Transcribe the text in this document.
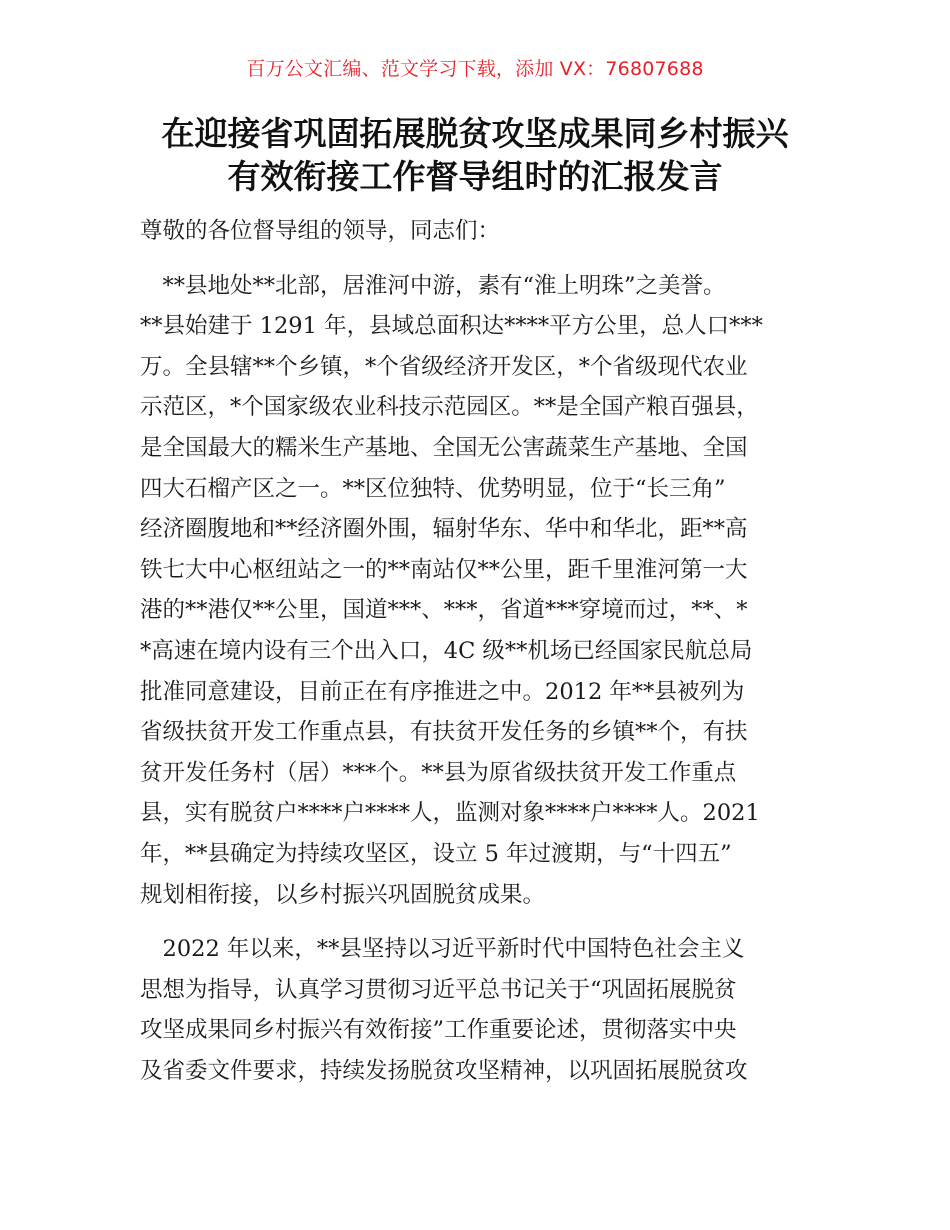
百万公文汇编、范文学习下载，添加 VX：76807688
在迎接省巩固拓展脱贫攻坚成果同乡村振兴
有效衔接工作督导组时的汇报发言
尊敬的各位督导组的领导，同志们：
　**县地处**北部，居淮河中游，素有“淮上明珠”之美誉。
**县始建于 1291 年，县域总面积达****平方公里，总人口***
万。全县辖**个乡镇，*个省级经济开发区，*个省级现代农业
示范区，*个国家级农业科技示范园区。**是全国产粮百强县，
是全国最大的糯米生产基地、全国无公害蔬菜生产基地、全国
四大石榴产区之一。**区位独特、优势明显，位于“长三角”
经济圈腹地和**经济圈外围，辐射华东、华中和华北，距**高
铁七大中心枢纽站之一的**南站仅**公里，距千里淮河第一大
港的**港仅**公里，国道***、***，省道***穿境而过，**、*
*高速在境内设有三个出入口，4C 级**机场已经国家民航总局
批准同意建设，目前正在有序推进之中。2012 年**县被列为
省级扶贫开发工作重点县，有扶贫开发任务的乡镇**个，有扶
贫开发任务村（居）***个。**县为原省级扶贫开发工作重点
县，实有脱贫户****户****人，监测对象****户****人。2021
年，**县确定为持续攻坚区，设立 5 年过渡期，与“十四五”
规划相衔接，以乡村振兴巩固脱贫成果。
　2022 年以来，**县坚持以习近平新时代中国特色社会主义
思想为指导，认真学习贯彻习近平总书记关于“巩固拓展脱贫
攻坚成果同乡村振兴有效衔接”工作重要论述，贯彻落实中央
及省委文件要求，持续发扬脱贫攻坚精神，以巩固拓展脱贫攻
